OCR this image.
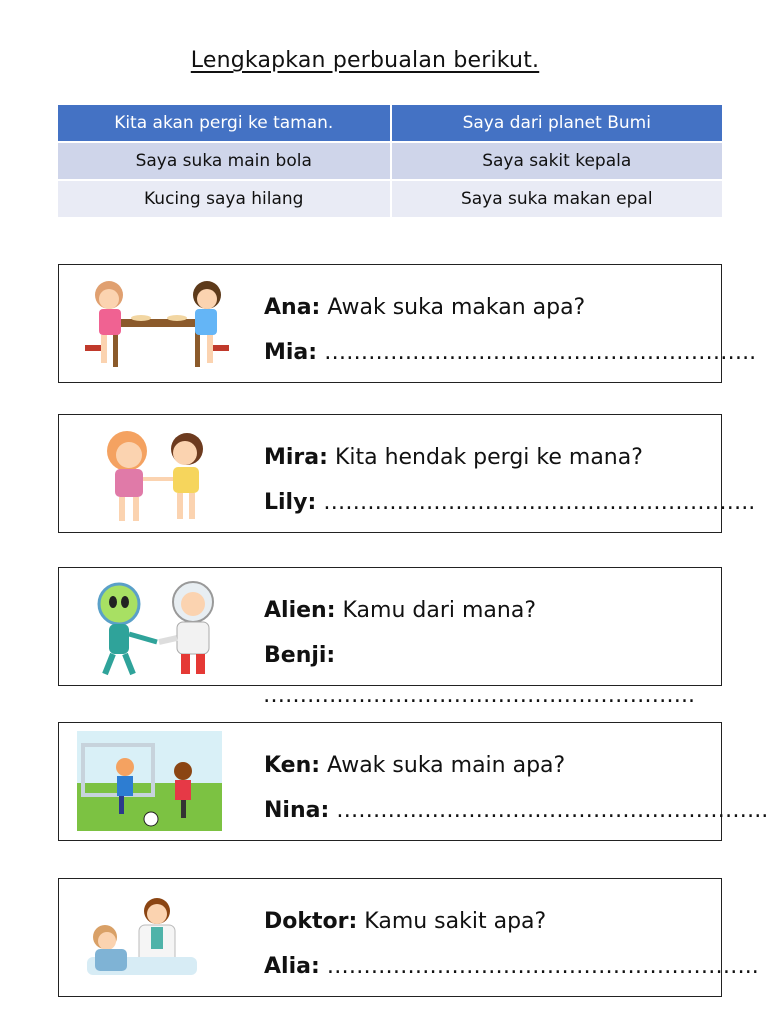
Lengkapkan perbualan berikut.
Kita akan pergi ke taman.	Saya dari planet Bumi
Saya suka main bola	Saya sakit kepala
Kucing saya hilang	Saya suka makan epal
Ana: Awak suka makan apa?
Mia: …………………………………………………..
Mira: Kita hendak pergi ke mana?
Lily: …………………………………………………..
Alien: Kamu dari mana?
Benji:
…………………………………………………..
Ken: Awak suka main apa?
Nina: …………………………………………………..
Doktor: Kamu sakit apa?
Alia: …………………………………………………..
